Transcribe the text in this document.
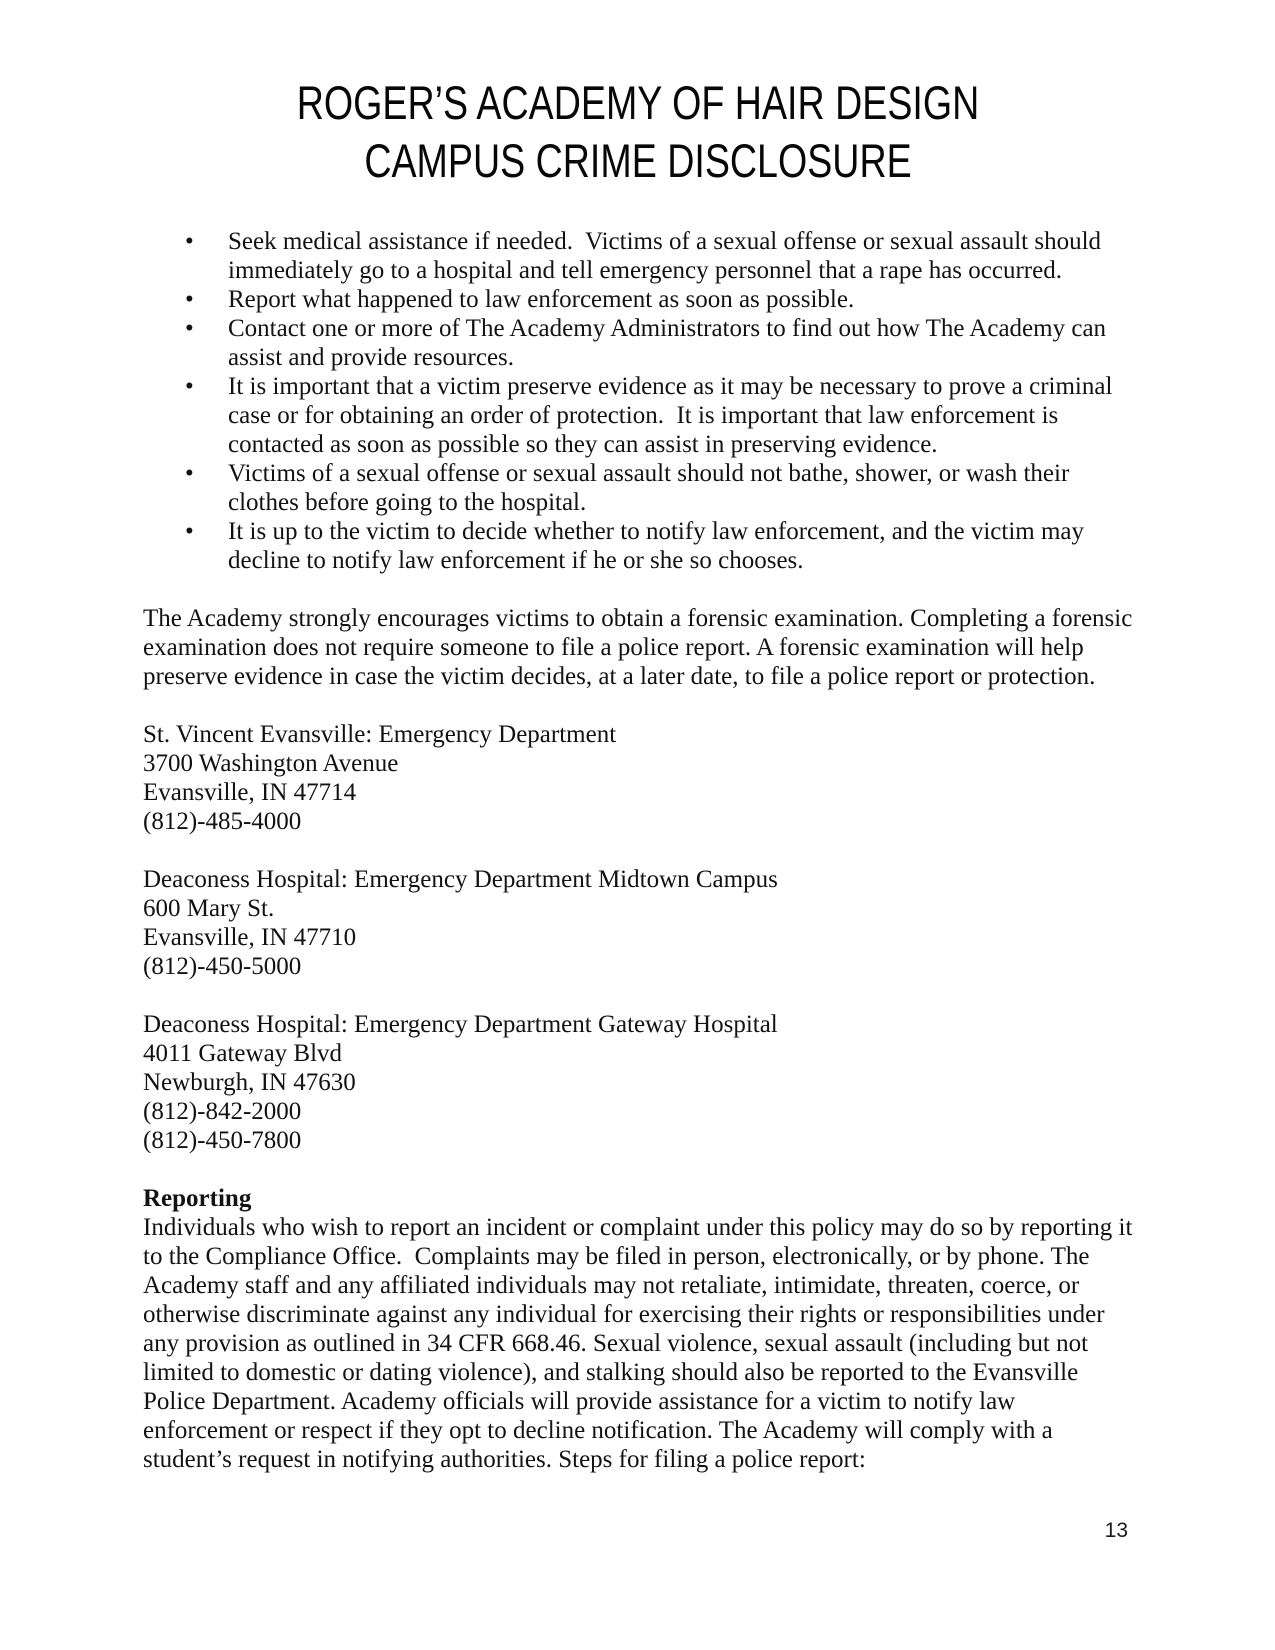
ROGER’S ACADEMY OF HAIR DESIGN
CAMPUS CRIME DISCLOSURE
• Seek medical assistance if needed.  Victims of a sexual offense or sexual assault should immediately go to a hospital and tell emergency personnel that a rape has occurred.
• Report what happened to law enforcement as soon as possible.
• Contact one or more of The Academy Administrators to find out how The Academy can assist and provide resources.
• It is important that a victim preserve evidence as it may be necessary to prove a criminal case or for obtaining an order of protection.  It is important that law enforcement is contacted as soon as possible so they can assist in preserving evidence.
• Victims of a sexual offense or sexual assault should not bathe, shower, or wash their clothes before going to the hospital.
• It is up to the victim to decide whether to notify law enforcement, and the victim may decline to notify law enforcement if he or she so chooses.

The Academy strongly encourages victims to obtain a forensic examination. Completing a forensic examination does not require someone to file a police report. A forensic examination will help preserve evidence in case the victim decides, at a later date, to file a police report or protection.

St. Vincent Evansville: Emergency Department
3700 Washington Avenue
Evansville, IN 47714
(812)-485-4000
Deaconess Hospital: Emergency Department Midtown Campus
600 Mary St.
Evansville, IN 47710
(812)-450-5000
Deaconess Hospital: Emergency Department Gateway Hospital
4011 Gateway Blvd
Newburgh, IN 47630
(812)-842-2000
(812)-450-7800
Reporting

Individuals who wish to report an incident or complaint under this policy may do so by reporting it to the Compliance Office.  Complaints may be filed in person, electronically, or by phone. The Academy staff and any affiliated individuals may not retaliate, intimidate, threaten, coerce, or otherwise discriminate against any individual for exercising their rights or responsibilities under any provision as outlined in 34 CFR 668.46. Sexual violence, sexual assault (including but not limited to domestic or dating violence), and stalking should also be reported to the Evansville Police Department. Academy officials will provide assistance for a victim to notify law enforcement or respect if they opt to decline notification. The Academy will comply with a student’s request in notifying authorities. Steps for filing a police report:

13
